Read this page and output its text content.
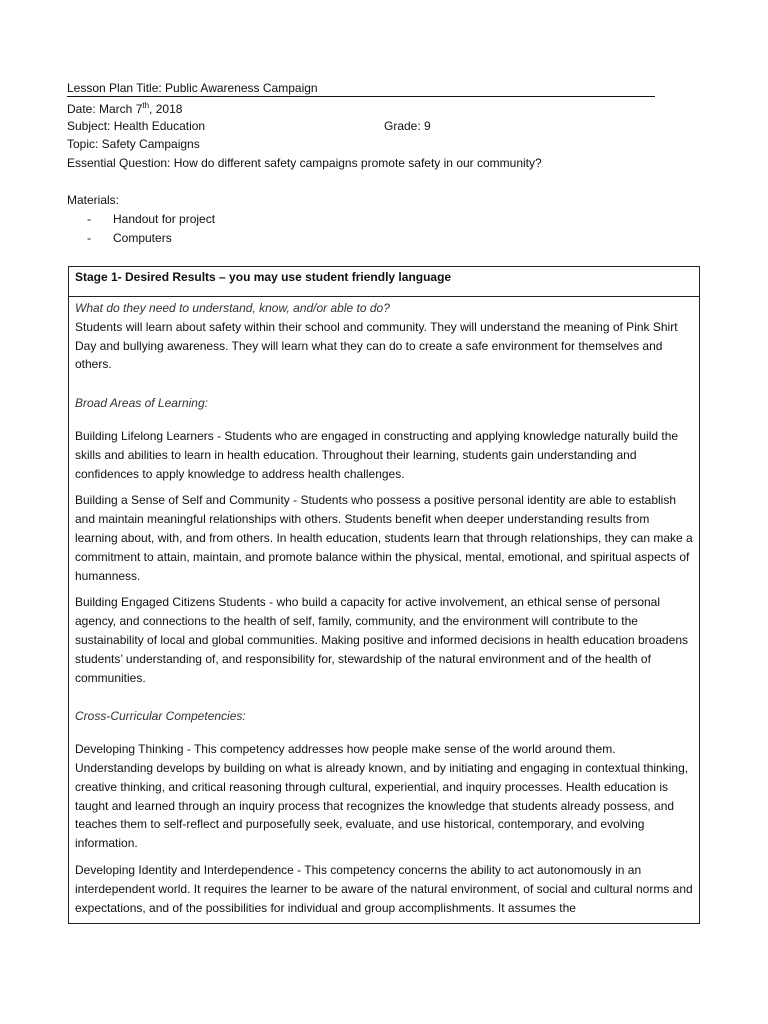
Lesson Plan Title: Public Awareness Campaign
Date: March 7th, 2018
Subject: Health Education	Grade: 9
Topic: Safety Campaigns
Essential Question: How do different safety campaigns promote safety in our community?
Materials:
- Handout for project
- Computers
Stage 1- Desired Results – you may use student friendly language

What do they need to understand, know, and/or able to do?

Students will learn about safety within their school and community. They will understand the meaning of Pink Shirt Day and bullying awareness. They will learn what they can do to create a safe environment for themselves and others.

Broad Areas of Learning:

Building Lifelong Learners - Students who are engaged in constructing and applying knowledge naturally build the skills and abilities to learn in health education. Throughout their learning, students gain understanding and confidences to apply knowledge to address health challenges.

Building a Sense of Self and Community - Students who possess a positive personal identity are able to establish and maintain meaningful relationships with others. Students benefit when deeper understanding results from learning about, with, and from others. In health education, students learn that through relationships, they can make a commitment to attain, maintain, and promote balance within the physical, mental, emotional, and spiritual aspects of humanness.

Building Engaged Citizens Students - who build a capacity for active involvement, an ethical sense of personal agency, and connections to the health of self, family, community, and the environment will contribute to the sustainability of local and global communities. Making positive and informed decisions in health education broadens students’ understanding of, and responsibility for, stewardship of the natural environment and of the health of communities.

Cross-Curricular Competencies:

Developing Thinking - This competency addresses how people make sense of the world around them. Understanding develops by building on what is already known, and by initiating and engaging in contextual thinking, creative thinking, and critical reasoning through cultural, experiential, and inquiry processes. Health education is taught and learned through an inquiry process that recognizes the knowledge that students already possess, and teaches them to self-reflect and purposefully seek, evaluate, and use historical, contemporary, and evolving information.

Developing Identity and Interdependence - This competency concerns the ability to act autonomously in an interdependent world. It requires the learner to be aware of the natural environment, of social and cultural norms and expectations, and of the possibilities for individual and group accomplishments. It assumes the
